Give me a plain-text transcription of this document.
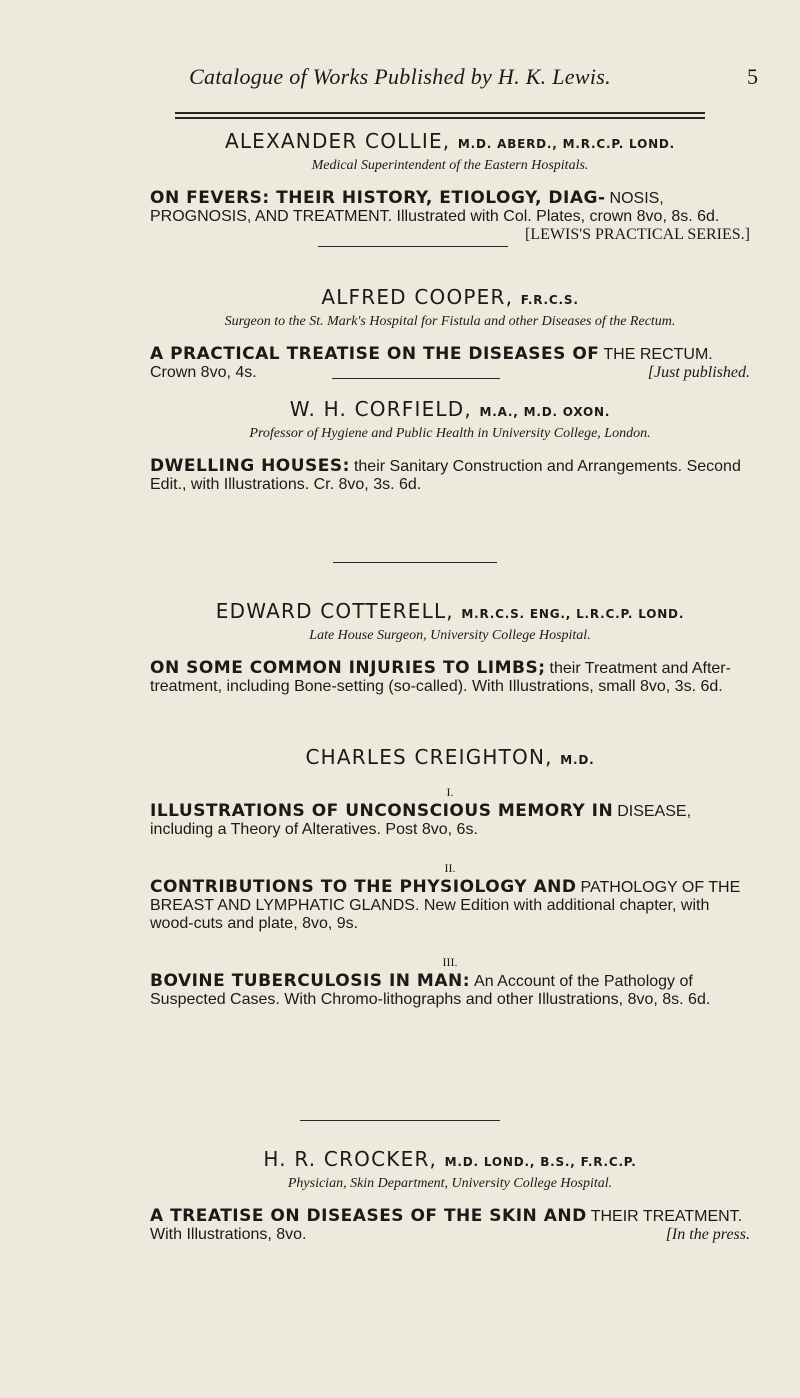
Catalogue of Works Published by H. K. Lewis.	5
ALEXANDER COLLIE, M.D. ABERD., M.R.C.P. LOND.
Medical Superintendent of the Eastern Hospitals.
ON FEVERS: THEIR HISTORY, ETIOLOGY, DIAG- NOSIS, PROGNOSIS, AND TREATMENT. Illustrated with Col. Plates, crown 8vo, 8s. 6d.
[LEWIS'S PRACTICAL SERIES.]
ALFRED COOPER, F.R.C.S.
Surgeon to the St. Mark's Hospital for Fistula and other Diseases of the Rectum.
A PRACTICAL TREATISE ON THE DISEASES OF THE RECTUM. Crown 8vo, 4s.	[Just published.
W. H. CORFIELD, M.A., M.D. OXON.
Professor of Hygiene and Public Health in University College, London.
DWELLING HOUSES: their Sanitary Construction and Arrangements. Second Edit., with Illustrations. Cr. 8vo, 3s. 6d.
EDWARD COTTERELL, M.R.C.S. ENG., L.R.C.P. LOND.
Late House Surgeon, University College Hospital.
ON SOME COMMON INJURIES TO LIMBS; their Treatment and After-treatment, including Bone-setting (so-called). With Illustrations, small 8vo, 3s. 6d.
CHARLES CREIGHTON, M.D.
I.
ILLUSTRATIONS OF UNCONSCIOUS MEMORY IN DISEASE, including a Theory of Alteratives. Post 8vo, 6s.
II.
CONTRIBUTIONS TO THE PHYSIOLOGY AND PATHOLOGY OF THE BREAST AND LYMPHATIC GLANDS. New Edition with additional chapter, with wood-cuts and plate, 8vo, 9s.
III.
BOVINE TUBERCULOSIS IN MAN: An Account of the Pathology of Suspected Cases. With Chromo-lithographs and other Illustrations, 8vo, 8s. 6d.
H. R. CROCKER, M.D. LOND., B.S., F.R.C.P.
Physician, Skin Department, University College Hospital.
A TREATISE ON DISEASES OF THE SKIN AND THEIR TREATMENT. With Illustrations, 8vo.	[In the press.
